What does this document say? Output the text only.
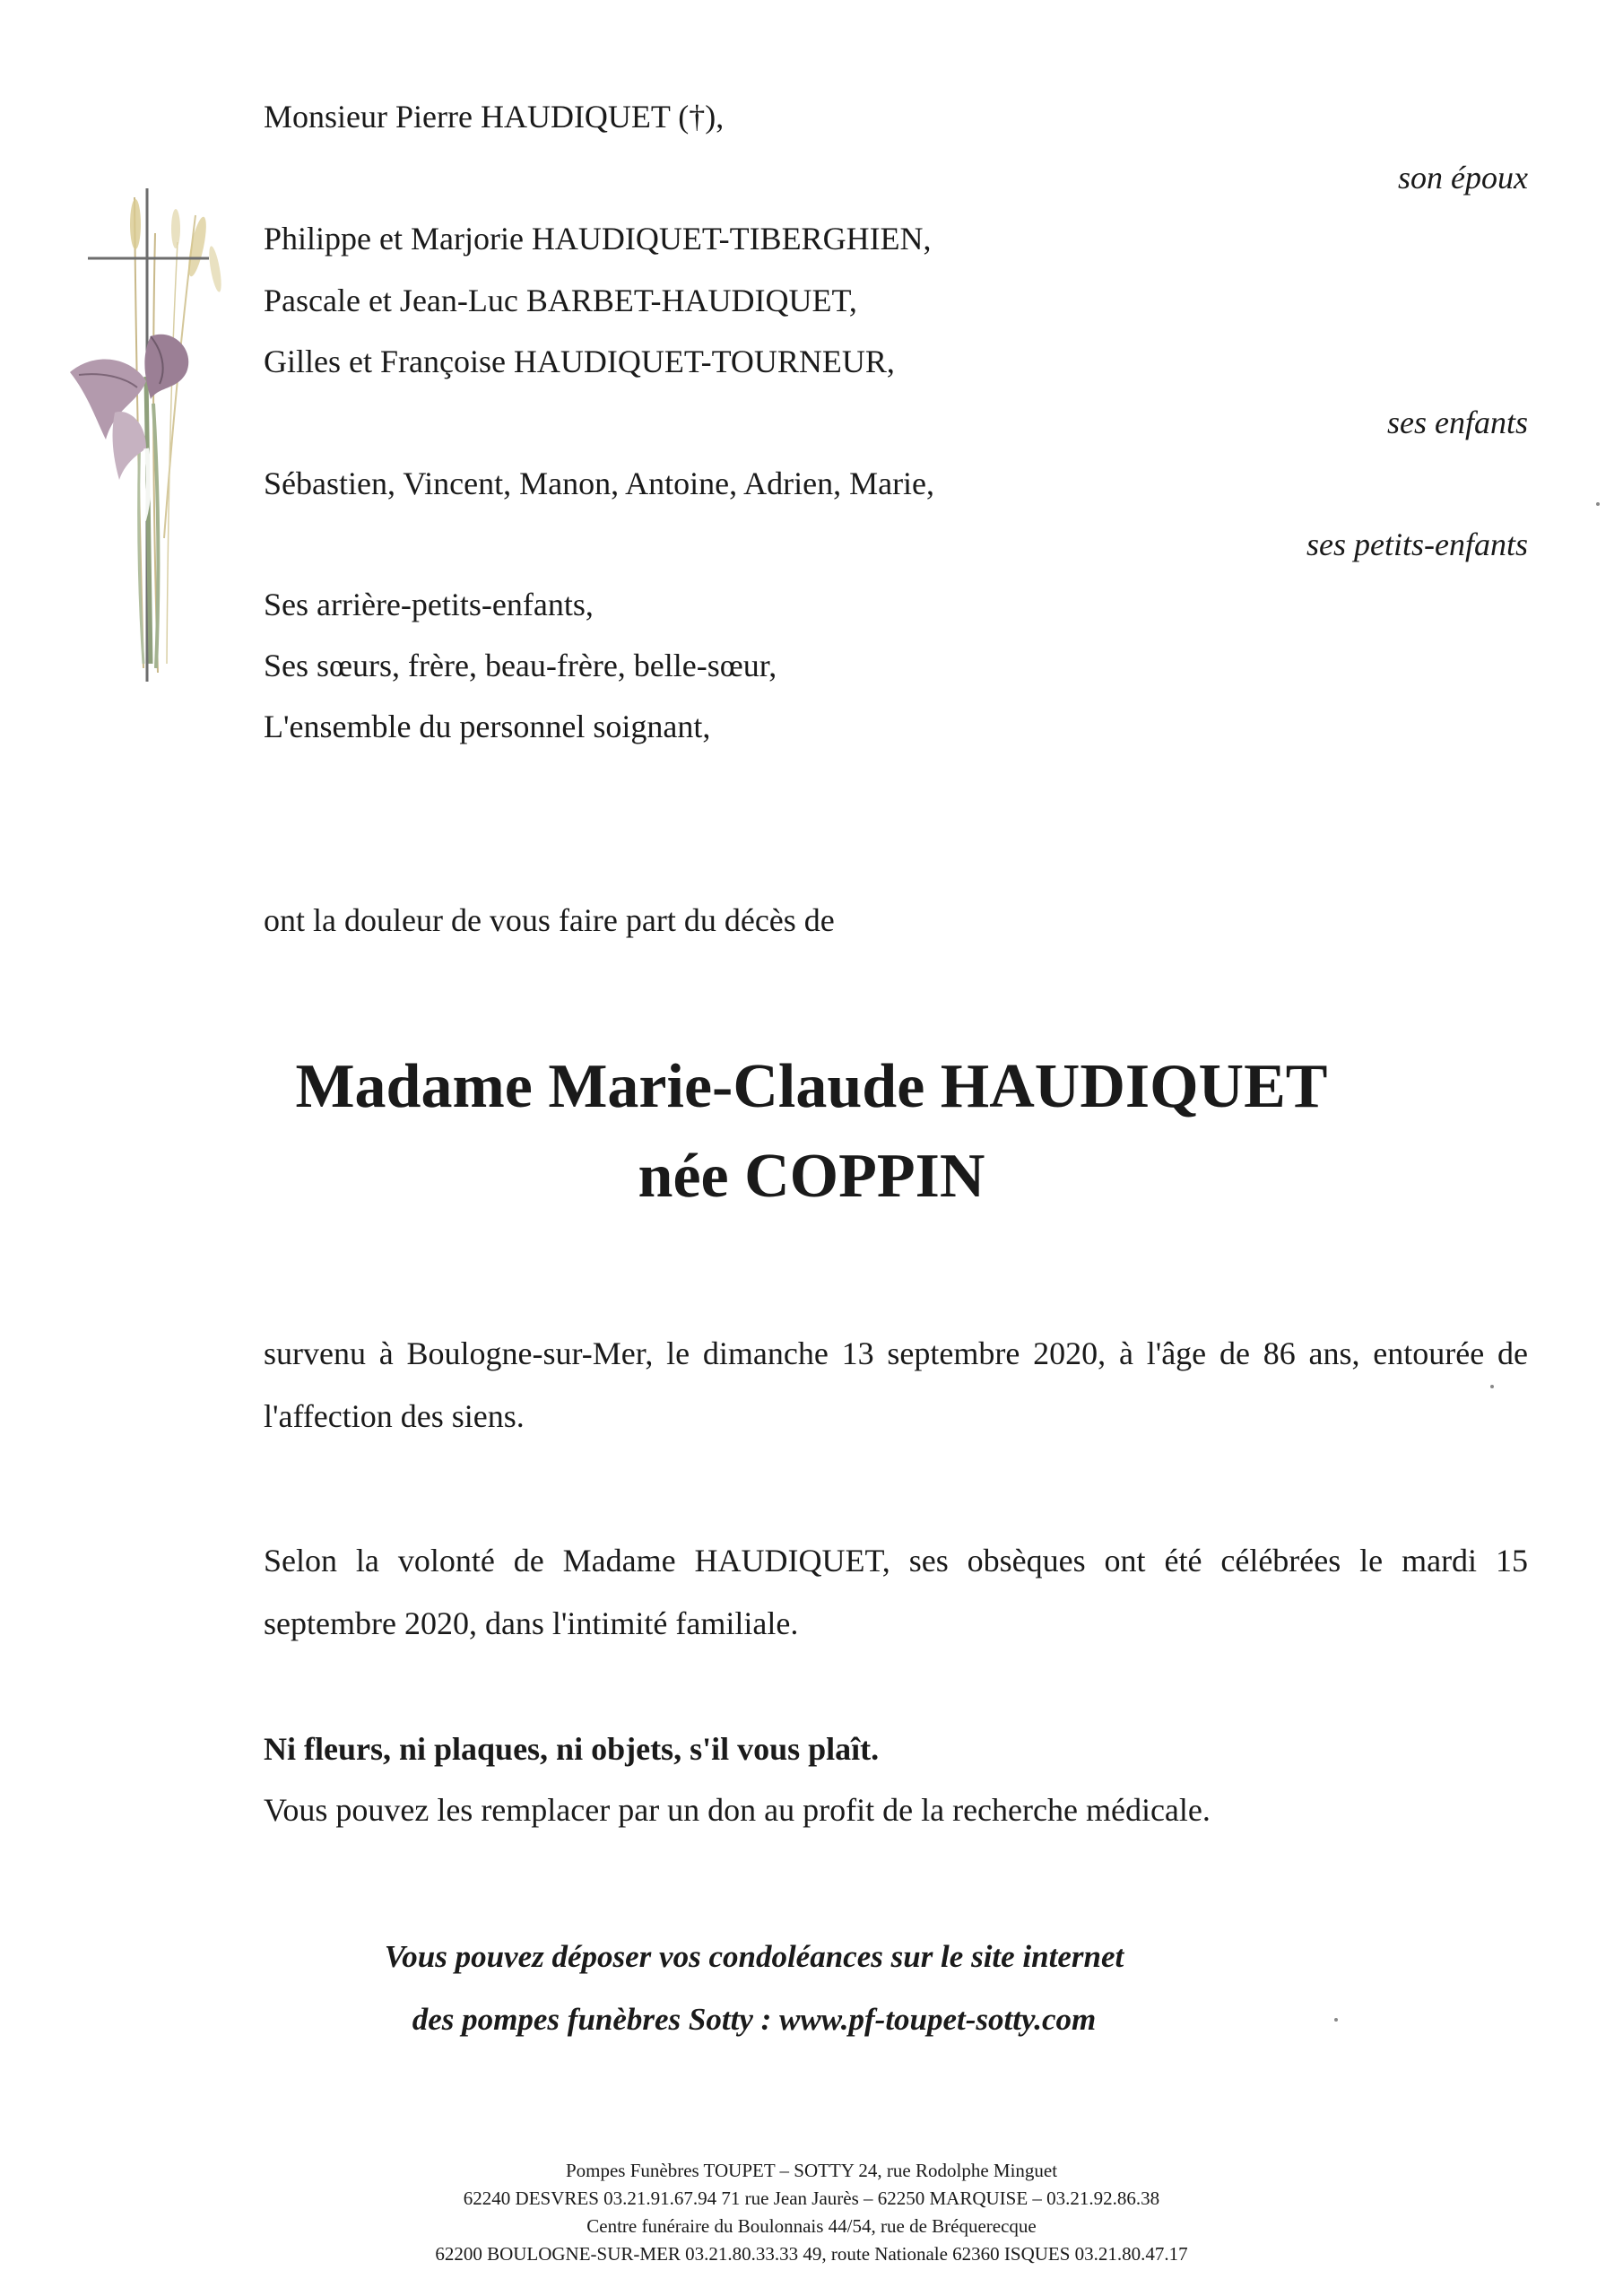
Monsieur Pierre HAUDIQUET (†),
son époux
Philippe et Marjorie HAUDIQUET-TIBERGHIEN,
Pascale et Jean-Luc BARBET-HAUDIQUET,
Gilles et Françoise HAUDIQUET-TOURNEUR,
ses enfants
Sébastien, Vincent, Manon, Antoine, Adrien, Marie,
ses petits-enfants
Ses arrière-petits-enfants,
Ses sœurs, frère, beau-frère, belle-sœur,
L'ensemble du personnel soignant,
ont la douleur de vous faire part du décès de
Madame Marie-Claude HAUDIQUET
née COPPIN
survenu à Boulogne-sur-Mer, le dimanche 13 septembre 2020, à l'âge de 86 ans, entourée de l'affection des siens.
Selon la volonté de Madame HAUDIQUET, ses obsèques ont été célébrées le mardi 15 septembre 2020, dans l'intimité familiale.
Ni fleurs, ni plaques, ni objets, s'il vous plaît.
Vous pouvez les remplacer par un don au profit de la recherche médicale.
Vous pouvez déposer vos condoléances sur le site internet
des pompes funèbres Sotty : www.pf-toupet-sotty.com
Pompes Funèbres TOUPET – SOTTY 24, rue Rodolphe Minguet
62240 DESVRES 03.21.91.67.94 71 rue Jean Jaurès – 62250 MARQUISE – 03.21.92.86.38
Centre funéraire du Boulonnais 44/54, rue de Bréquerecque
62200 BOULOGNE-SUR-MER 03.21.80.33.33 49, route Nationale 62360 ISQUES 03.21.80.47.17
